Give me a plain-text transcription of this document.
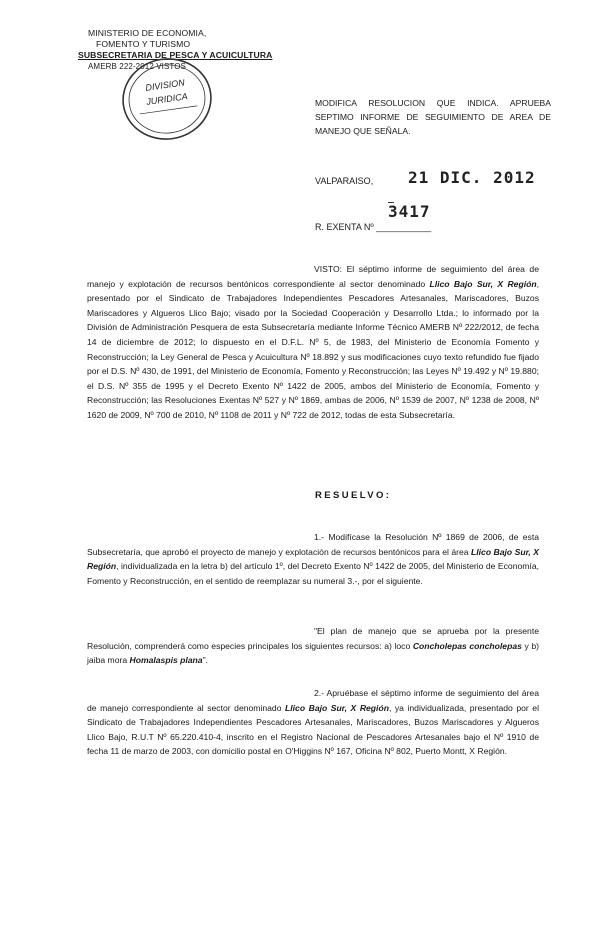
MINISTERIO DE ECONOMIA,
FOMENTO Y TURISMO
SUBSECRETARIA DE PESCA Y ACUICULTURA
AMERB 222-2012 VISTOS
DIVISION
JURIDICA	MODIFICA RESOLUCION QUE INDICA. APRUEBA SEPTIMO INFORME DE SEGUIMIENTO DE AREA DE MANEJO QUE SEÑALA.
VALPARAISO, 21 DIC. 2012
3417
R. EXENTA Nº ___________
VISTO: El séptimo informe de seguimiento del área de manejo y explotación de recursos bentónicos correspondiente al sector denominado Llico Bajo Sur, X Región, presentado por el Sindicato de Trabajadores Independientes Pescadores Artesanales, Mariscadores, Buzos Mariscadores y Algueros Llico Bajo; visado por la Sociedad Cooperación y Desarrollo Ltda.; lo informado por la División de Administración Pesquera de esta Subsecretaría mediante Informe Técnico AMERB Nº 222/2012, de fecha 14 de diciembre de 2012; lo dispuesto en el D.F.L. Nº 5, de 1983, del Ministerio de Economía Fomento y Reconstrucción; la Ley General de Pesca y Acuicultura Nº 18.892 y sus modificaciones cuyo texto refundido fue fijado por el D.S. Nº 430, de 1991, del Ministerio de Economía, Fomento y Reconstrucción; las Leyes Nº 19.492 y Nº 19.880; el D.S. Nº 355 de 1995 y el Decreto Exento Nº 1422 de 2005, ambos del Ministerio de Economía, Fomento y Reconstrucción; las Resoluciones Exentas Nº 527 y Nº 1869, ambas de 2006, Nº 1539 de 2007, Nº 1238 de 2008, Nº 1620 de 2009, Nº 700 de 2010, Nº 1108 de 2011 y Nº 722 de 2012, todas de esta Subsecretaría.
RESUELVO:
1.- Modifícase la Resolución Nº 1869 de 2006, de esta Subsecretaría, que aprobó el proyecto de manejo y explotación de recursos bentónicos para el área Llico Bajo Sur, X Región, individualizada en la letra b) del artículo 1º, del Decreto Exento Nº 1422 de 2005, del Ministerio de Economía, Fomento y Reconstrucción, en el sentido de reemplazar su numeral 3.-, por el siguiente.
"El plan de manejo que se aprueba por la presente Resolución, comprenderá como especies principales los siguientes recursos: a) loco Concholepas concholepas y b) jaiba mora Homalaspis plana".
2.- Apruébase el séptimo informe de seguimiento del área de manejo correspondiente al sector denominado Llico Bajo Sur, X Región, ya individualizada, presentado por el Sindicato de Trabajadores Independientes Pescadores Artesanales, Mariscadores, Buzos Mariscadores y Algueros Llico Bajo, R.U.T Nº 65.220.410-4, inscrito en el Registro Nacional de Pescadores Artesanales bajo el Nº 1910 de fecha 11 de marzo de 2003, con domicilio postal en O'Higgins Nº 167, Oficina Nº 802, Puerto Montt, X Región.
